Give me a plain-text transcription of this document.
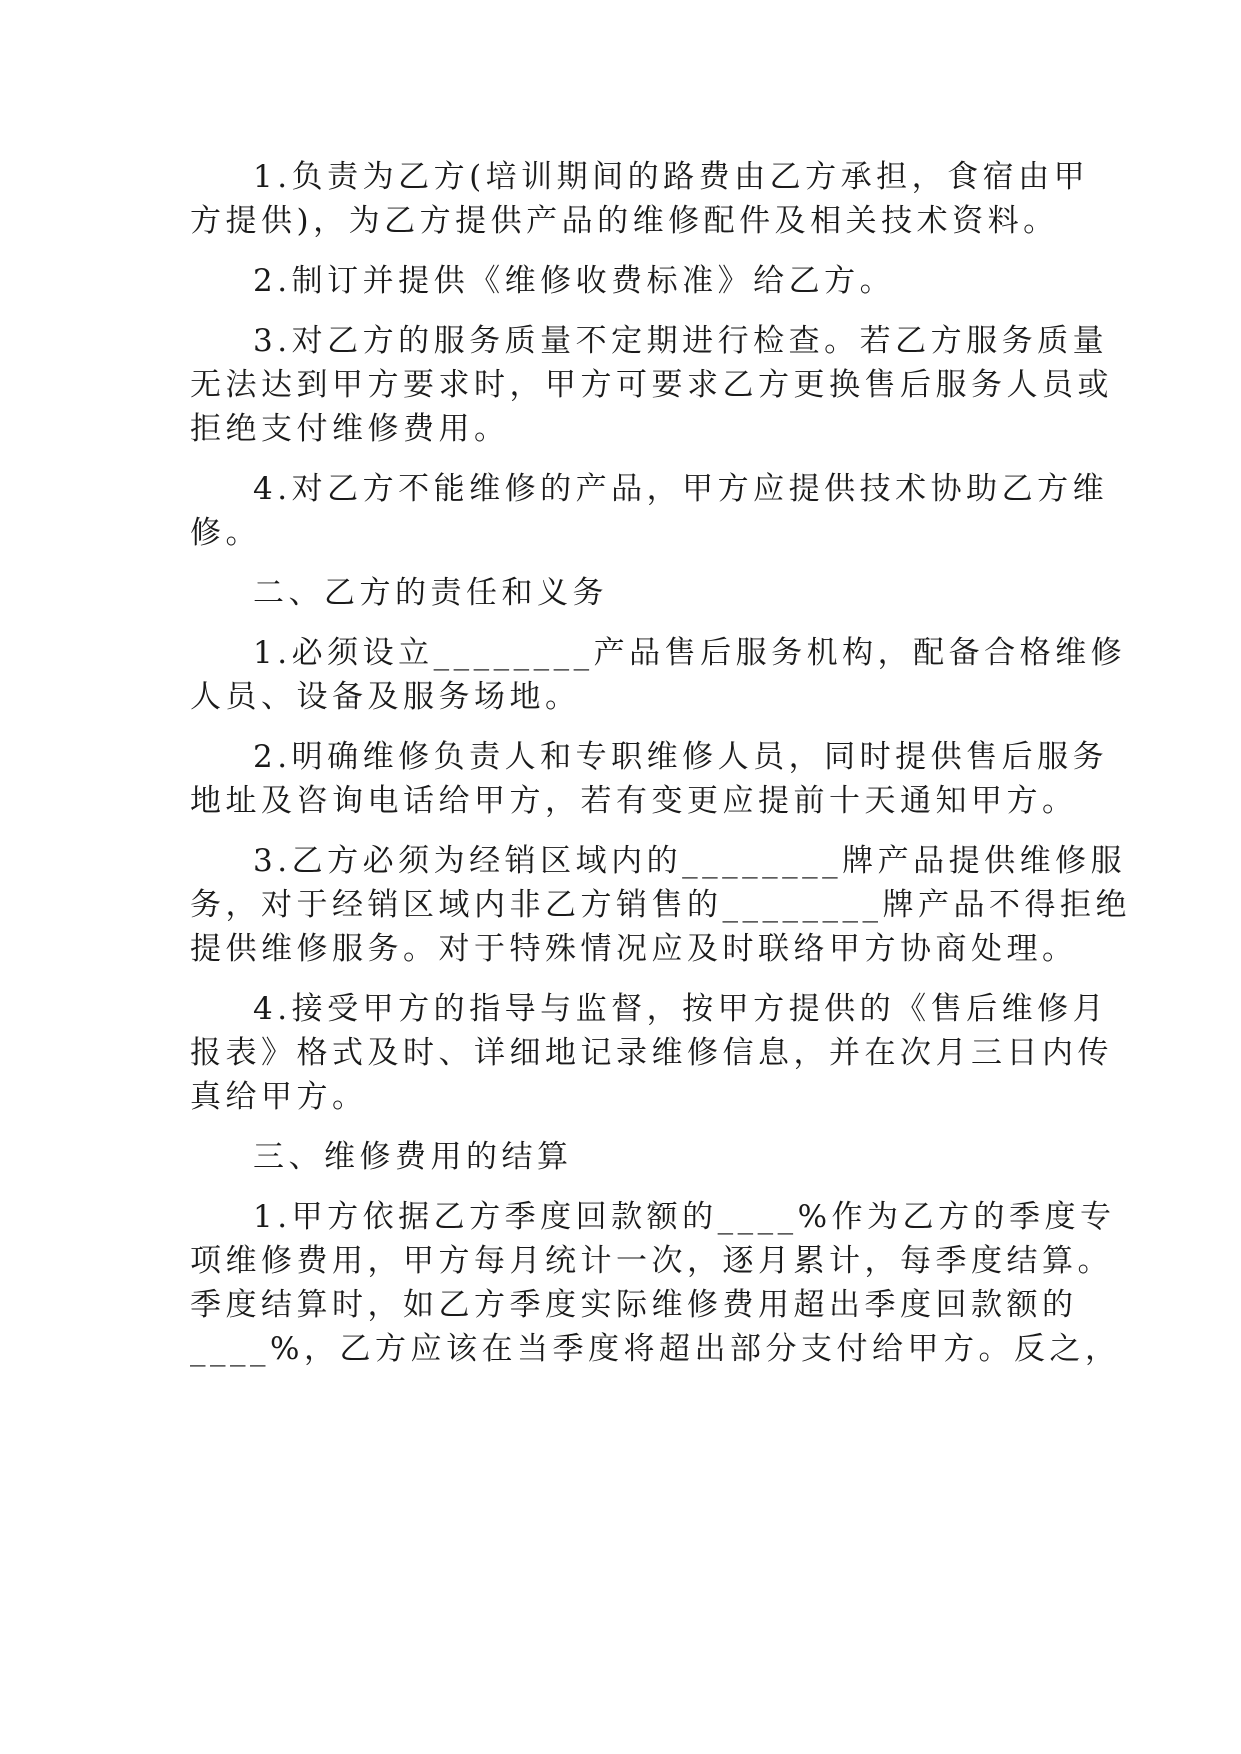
1.负责为乙方(培训期间的路费由乙方承担，食宿由甲
方提供)，为乙方提供产品的维修配件及相关技术资料。
2.制订并提供《维修收费标准》给乙方。
3.对乙方的服务质量不定期进行检查。若乙方服务质量
无法达到甲方要求时，甲方可要求乙方更换售后服务人员或
拒绝支付维修费用。
4.对乙方不能维修的产品，甲方应提供技术协助乙方维
修。
二、乙方的责任和义务
1.必须设立________产品售后服务机构，配备合格维修
人员、设备及服务场地。
2.明确维修负责人和专职维修人员，同时提供售后服务
地址及咨询电话给甲方，若有变更应提前十天通知甲方。
3.乙方必须为经销区域内的________牌产品提供维修服
务，对于经销区域内非乙方销售的________牌产品不得拒绝
提供维修服务。对于特殊情况应及时联络甲方协商处理。
4.接受甲方的指导与监督，按甲方提供的《售后维修月
报表》格式及时、详细地记录维修信息，并在次月三日内传
真给甲方。
三、维修费用的结算
1.甲方依据乙方季度回款额的____%作为乙方的季度专
项维修费用，甲方每月统计一次，逐月累计，每季度结算。
季度结算时，如乙方季度实际维修费用超出季度回款额的
____%，乙方应该在当季度将超出部分支付给甲方。反之，
